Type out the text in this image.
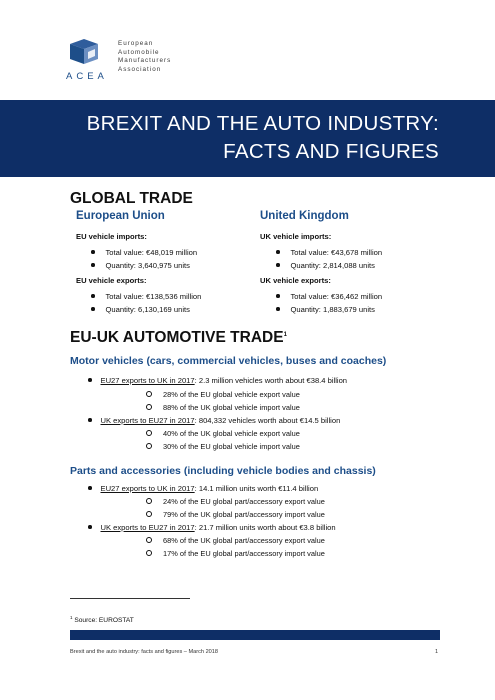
ACEA
European
Automobile
Manufacturers
Association
BREXIT AND THE AUTO INDUSTRY:
FACTS AND FIGURES
GLOBAL TRADE
European Union
EU vehicle imports:
Total value: €48,019 million
Quantity: 3,640,975 units
EU vehicle exports:
Total value: €138,536 million
Quantity: 6,130,169 units
United Kingdom
UK vehicle imports:
Total value: €43,678 million
Quantity: 2,814,088 units
UK vehicle exports:
Total value: €36,462 million
Quantity: 1,883,679 units
EU-UK AUTOMOTIVE TRADE$^1$
Motor vehicles (cars, commercial vehicles, buses and coaches)
EU27 exports to UK in 2017: 2.3 million vehicles worth about €38.4 billion
28% of the EU global vehicle export value
88% of the UK global vehicle import value
UK exports to EU27 in 2017: 804,332 vehicles worth about €14.5 billion
40% of the UK global vehicle export value
30% of the EU global vehicle import value
Parts and accessories (including vehicle bodies and chassis)
EU27 exports to UK in 2017: 14.1 million units worth €11.4 billion
24% of the EU global part/accessory export value
79% of the UK global part/accessory import value
UK exports to EU27 in 2017: 21.7 million units worth about €3.8 billion
68% of the UK global part/accessory export value
17% of the EU global part/accessory import value
$^1$ Source: EUROSTAT
Brexit and the auto industry: facts and figures – March 2018	1
